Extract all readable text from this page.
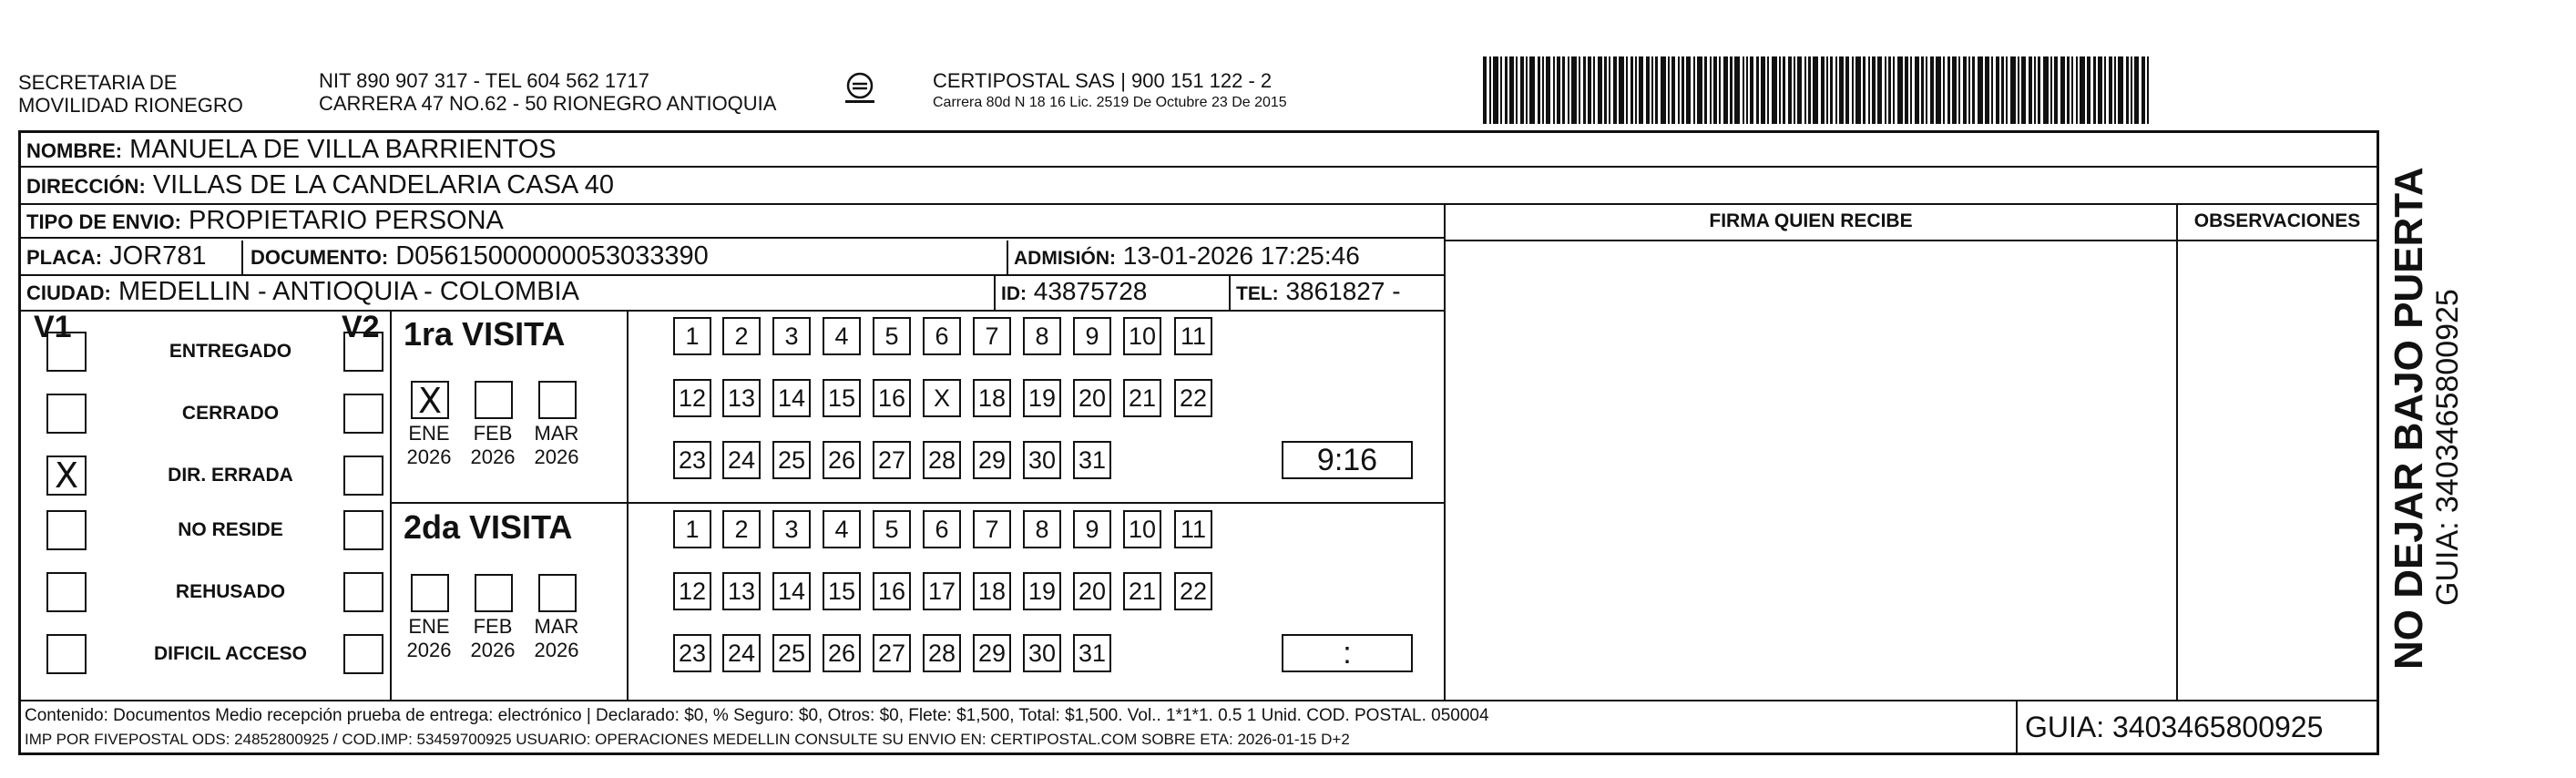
SECRETARIA DE
MOVILIDAD RIONEGRO
NIT 890 907 317 - TEL 604 562 1717
CARRERA 47 NO.62 - 50 RIONEGRO ANTIOQUIA
CERTIPOSTAL SAS | 900 151 122 - 2
Carrera 80d N 18 16 Lic. 2519 De Octubre 23 De 2015
NOMBRE: MANUELA DE VILLA BARRIENTOS
DIRECCIÓN: VILLAS DE LA CANDELARIA CASA 40
TIPO DE ENVIO: PROPIETARIO PERSONA
PLACA: JOR781 DOCUMENTO: D05615000000053033390	ADMISIÓN: 13-01-2026 17:25:46
CIUDAD: MEDELLIN - ANTIOQUIA - COLOMBIA	ID: 43875728	TEL: 3861827 -
FIRMA QUIEN RECIBE	OBSERVACIONES
V1	V2
ENTREGADO
CERRADO
X	DIR. ERRADA
NO RESIDE
REHUSADO
DIFICIL ACCESO
1ra VISITA
X
ENE
2026
FEB
2026
MAR
2026
1	2	3	4	5	6	7	8	9	10 11
12 13 14 15 16	X	18 19 20 21 22
23 24 25 26 27 28 29 30 31	9:16
2da VISITA
ENE
2026
FEB
2026
MAR
2026
1	2	3	4	5	6	7	8	9	10 11
12 13 14 15 16 17 18 19 20 21 22
23 24 25 26 27 28 29 30 31	:
Contenido: Documentos Medio recepción prueba de entrega: electrónico | Declarado: $0, % Seguro: $0, Otros: $0, Flete: $1,500, Total: $1,500. Vol.. 1*1*1. 0.5 1 Unid. COD. POSTAL. 050004
IMP POR FIVEPOSTAL ODS: 24852800925 / COD.IMP: 53459700925 USUARIO: OPERACIONES MEDELLIN CONSULTE SU ENVIO EN: CERTIPOSTAL.COM SOBRE ETA: 2026-01-15 D+2	GUIA: 3403465800925
NO DEJAR BAJO PUERTA GUIA: 3403465800925
